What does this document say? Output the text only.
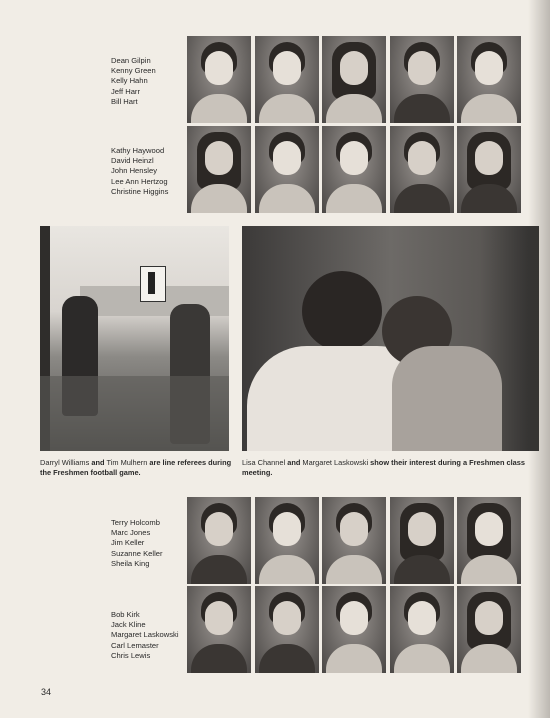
Dean Gilpin
Kenny Green
Kelly Hahn
Jeff Harr
Bill Hart
Kathy Haywood
David Heinzl
John Hensley
Lee Ann Hertzog
Christine Higgins
Darryl Williams and Tim Mulhern are line referees during the Freshmen football game.
Lisa Channel and Margaret Laskowski show their interest during a Freshmen class meeting.
Terry Holcomb
Marc Jones
Jim Keller
Suzanne Keller
Sheila King
Bob Kirk
Jack Kline
Margaret Laskowski
Carl Lemaster
Chris Lewis
34
